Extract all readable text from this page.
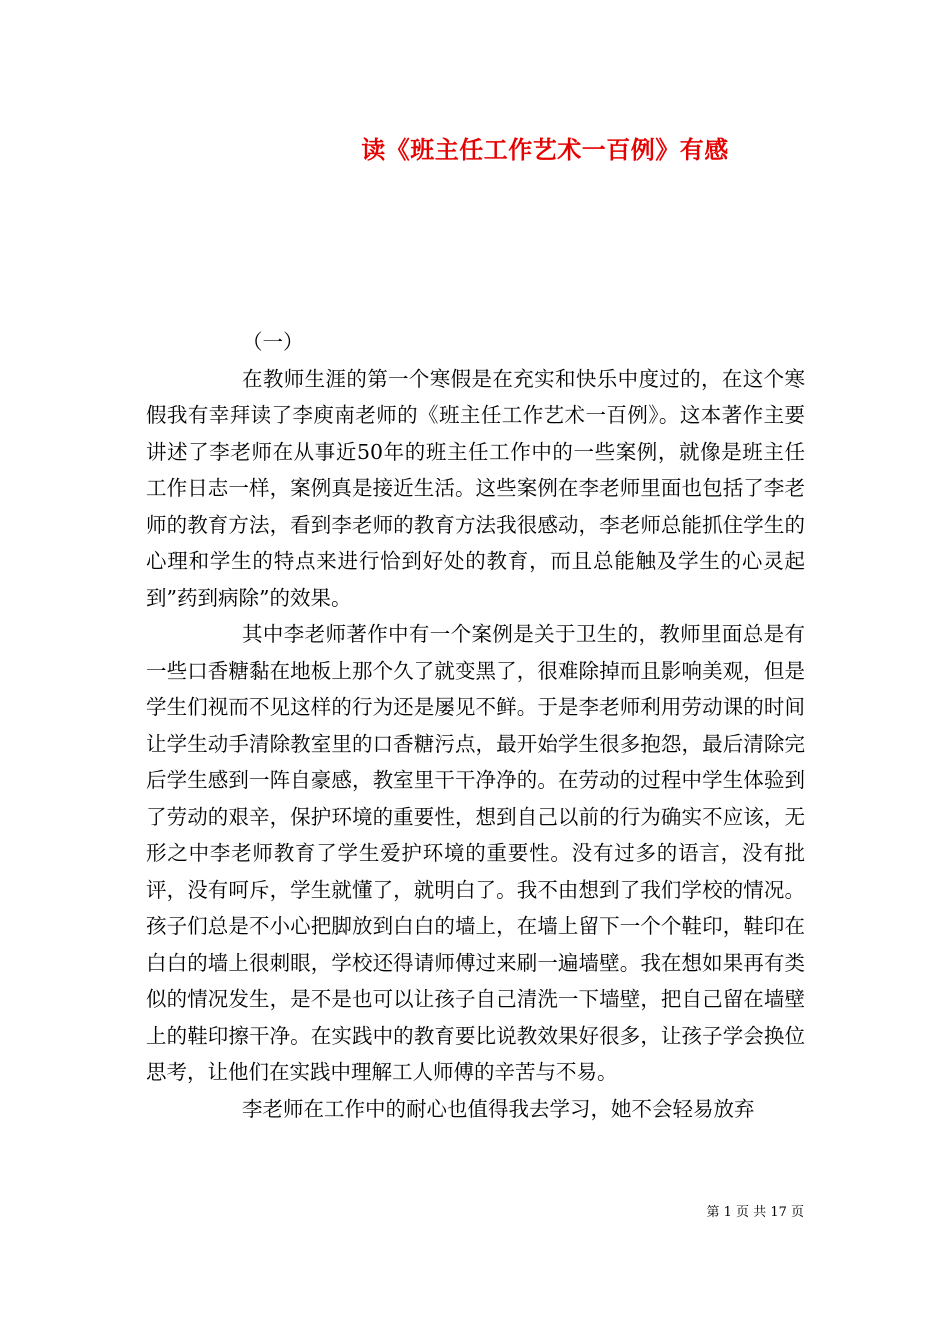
读《班主任工作艺术一百例》有感

（一）

在教师生涯的第一个寒假是在充实和快乐中度过的，在这个寒假我有幸拜读了李庾南老师的《班主任工作艺术一百例》。这本著作主要讲述了李老师在从事近50年的班主任工作中的一些案例，就像是班主任工作日志一样，案例真是接近生活。这些案例在李老师里面也包括了李老师的教育方法，看到李老师的教育方法我很感动，李老师总能抓住学生的心理和学生的特点来进行恰到好处的教育，而且总能触及学生的心灵起到”药到病除”的效果。

其中李老师著作中有一个案例是关于卫生的，教师里面总是有一些口香糖黏在地板上那个久了就变黑了，很难除掉而且影响美观，但是学生们视而不见这样的行为还是屡见不鲜。于是李老师利用劳动课的时间让学生动手清除教室里的口香糖污点，最开始学生很多抱怨，最后清除完后学生感到一阵自豪感，教室里干干净净的。在劳动的过程中学生体验到了劳动的艰辛，保护环境的重要性，想到自己以前的行为确实不应该，无形之中李老师教育了学生爱护环境的重要性。没有过多的语言，没有批评，没有呵斥，学生就懂了，就明白了。我不由想到了我们学校的情况。孩子们总是不小心把脚放到白白的墙上，在墙上留下一个个鞋印，鞋印在白白的墙上很刺眼，学校还得请师傅过来刷一遍墙壁。我在想如果再有类似的情况发生，是不是也可以让孩子自己清洗一下墙壁，把自己留在墙壁上的鞋印擦干净。在实践中的教育要比说教效果好很多，让孩子学会换位思考，让他们在实践中理解工人师傅的辛苦与不易。

李老师在工作中的耐心也值得我去学习，她不会轻易放弃

第 1 页 共 17 页
